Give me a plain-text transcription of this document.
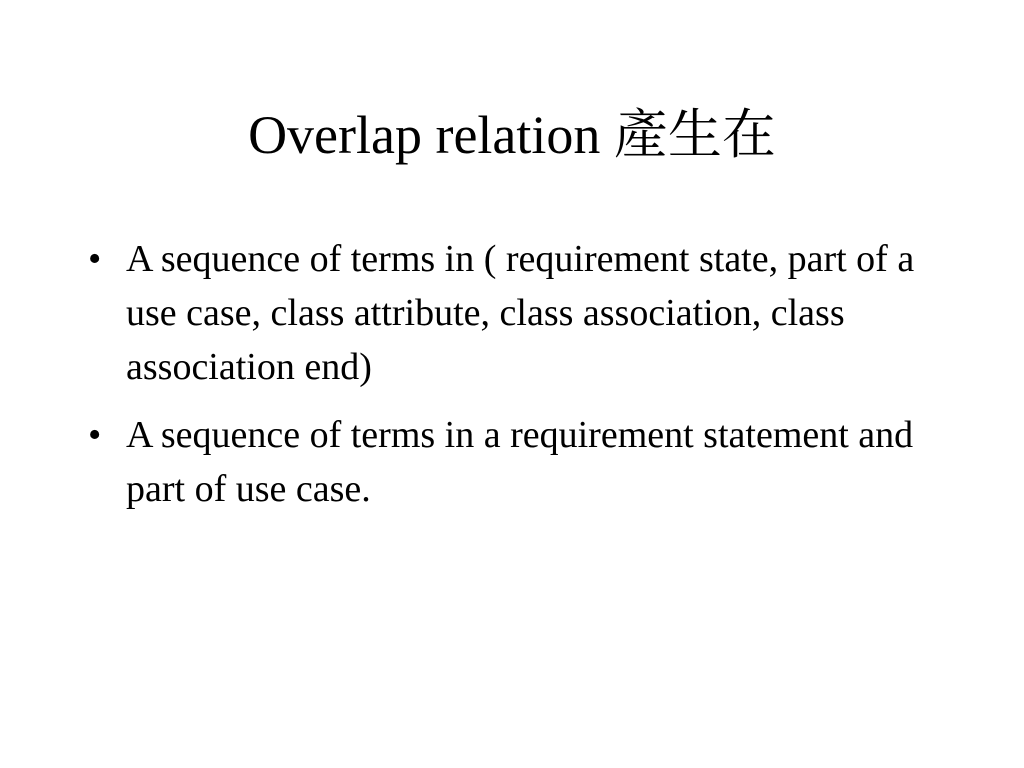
Overlap relation 產生在
• A sequence of terms in ( requirement state, part of a use case, class attribute, class association, class association end)
• A sequence of terms in a requirement statement and part of use case.
